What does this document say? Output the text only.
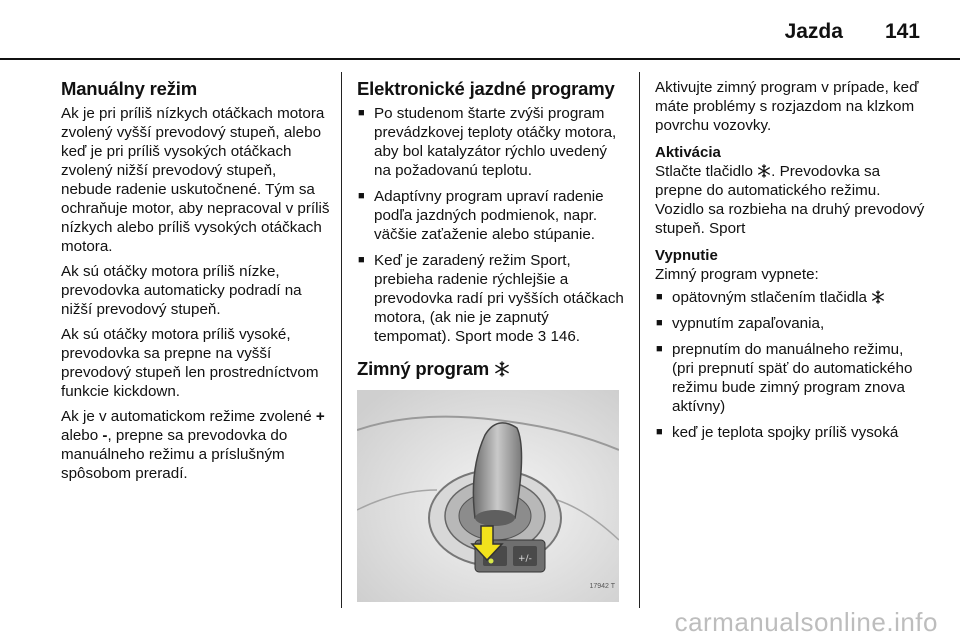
Jazda 141
Manuálny režim

Ak je pri príliš nízkych otáčkach motora zvolený vyšší prevodový stupeň, alebo keď je pri príliš vysokých otáčkach zvolený nižší prevodový stupeň, nebude radenie uskutočnené. Tým sa ochraňuje motor, aby nepracoval v príliš nízkych alebo príliš vysokých otáčkach motora.

Ak sú otáčky motora príliš nízke, prevodovka automaticky podradí na nižší prevodový stupeň.

Ak sú otáčky motora príliš vysoké, prevodovka sa prepne na vyšší prevodový stupeň len prostredníctvom funkcie kickdown.

Ak je v automatickom režime zvolené + alebo -, prepne sa prevodovka do manuálneho režimu a príslušným spôsobom preradí.

Elektronické jazdné programy
■ Po studenom štarte zvýši program prevádzkovej teploty otáčky motora, aby bol katalyzátor rýchlo uvedený na požadovanú teplotu.
■ Adaptívny program upraví radenie podľa jazdných podmienok, napr. väčšie zaťaženie alebo stúpanie.
■ Keď je zaradený režim Sport, prebieha radenie rýchlejšie a prevodovka radí pri vyšších otáčkach motora, (ak nie je zapnutý tempomat). Sport mode 3 146.
Zimný program
+/-
17942 T

Aktivujte zimný program v prípade, keď máte problémy s rozjazdom na klzkom povrchu vozovky.

Aktivácia

Stlačte tlačidlo . Prevodovka sa prepne do automatického režimu. Vozidlo sa rozbieha na druhý prevodový stupeň. Sport

Vypnutie

Zimný program vypnete:

■ opätovným stlačením tlačidla
■ vypnutím zapaľovania,
■ prepnutím do manuálneho režimu, (pri prepnutí späť do automatického režimu bude zimný program znova aktívny)
■ keď je teplota spojky príliš vysoká
carmanualsonline.info
